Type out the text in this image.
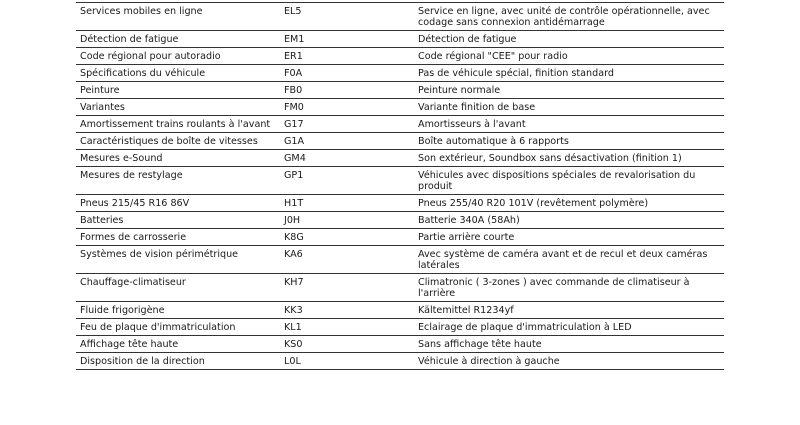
Services mobiles en ligne	EL5	Service en ligne, avec unité de contrôle opérationnelle, avec codage sans connexion antidémarrage
Détection de fatigue	EM1	Détection de fatigue
Code régional pour autoradio	ER1	Code régional "CEE" pour radio
Spécifications du véhicule	F0A	Pas de véhicule spécial, finition standard
Peinture	FB0	Peinture normale
Variantes	FM0	Variante finition de base
Amortissement trains roulants à l'avant	G17	Amortisseurs à l'avant
Caractéristiques de boîte de vitesses	G1A	Boîte automatique à 6 rapports
Mesures e-Sound	GM4	Son extérieur, Soundbox sans désactivation (finition 1)
Mesures de restylage	GP1	Véhicules avec dispositions spéciales de revalorisation du produit
Pneus 215/45 R16 86V	H1T	Pneus 255/40 R20 101V (revêtement polymère)
Batteries	J0H	Batterie 340A (58Ah)
Formes de carrosserie	K8G	Partie arrière courte
Systèmes de vision périmétrique	KA6	Avec système de caméra avant et de recul et deux caméras latérales
Chauffage-climatiseur	KH7	Climatronic ( 3-zones ) avec commande de climatiseur à l'arrière
Fluide frigorigène	KK3	Kältemittel R1234yf
Feu de plaque d'immatriculation	KL1	Eclairage de plaque d'immatriculation à LED
Affichage tête haute	KS0	Sans affichage tête haute
Disposition de la direction	L0L	Véhicule à direction à gauche
